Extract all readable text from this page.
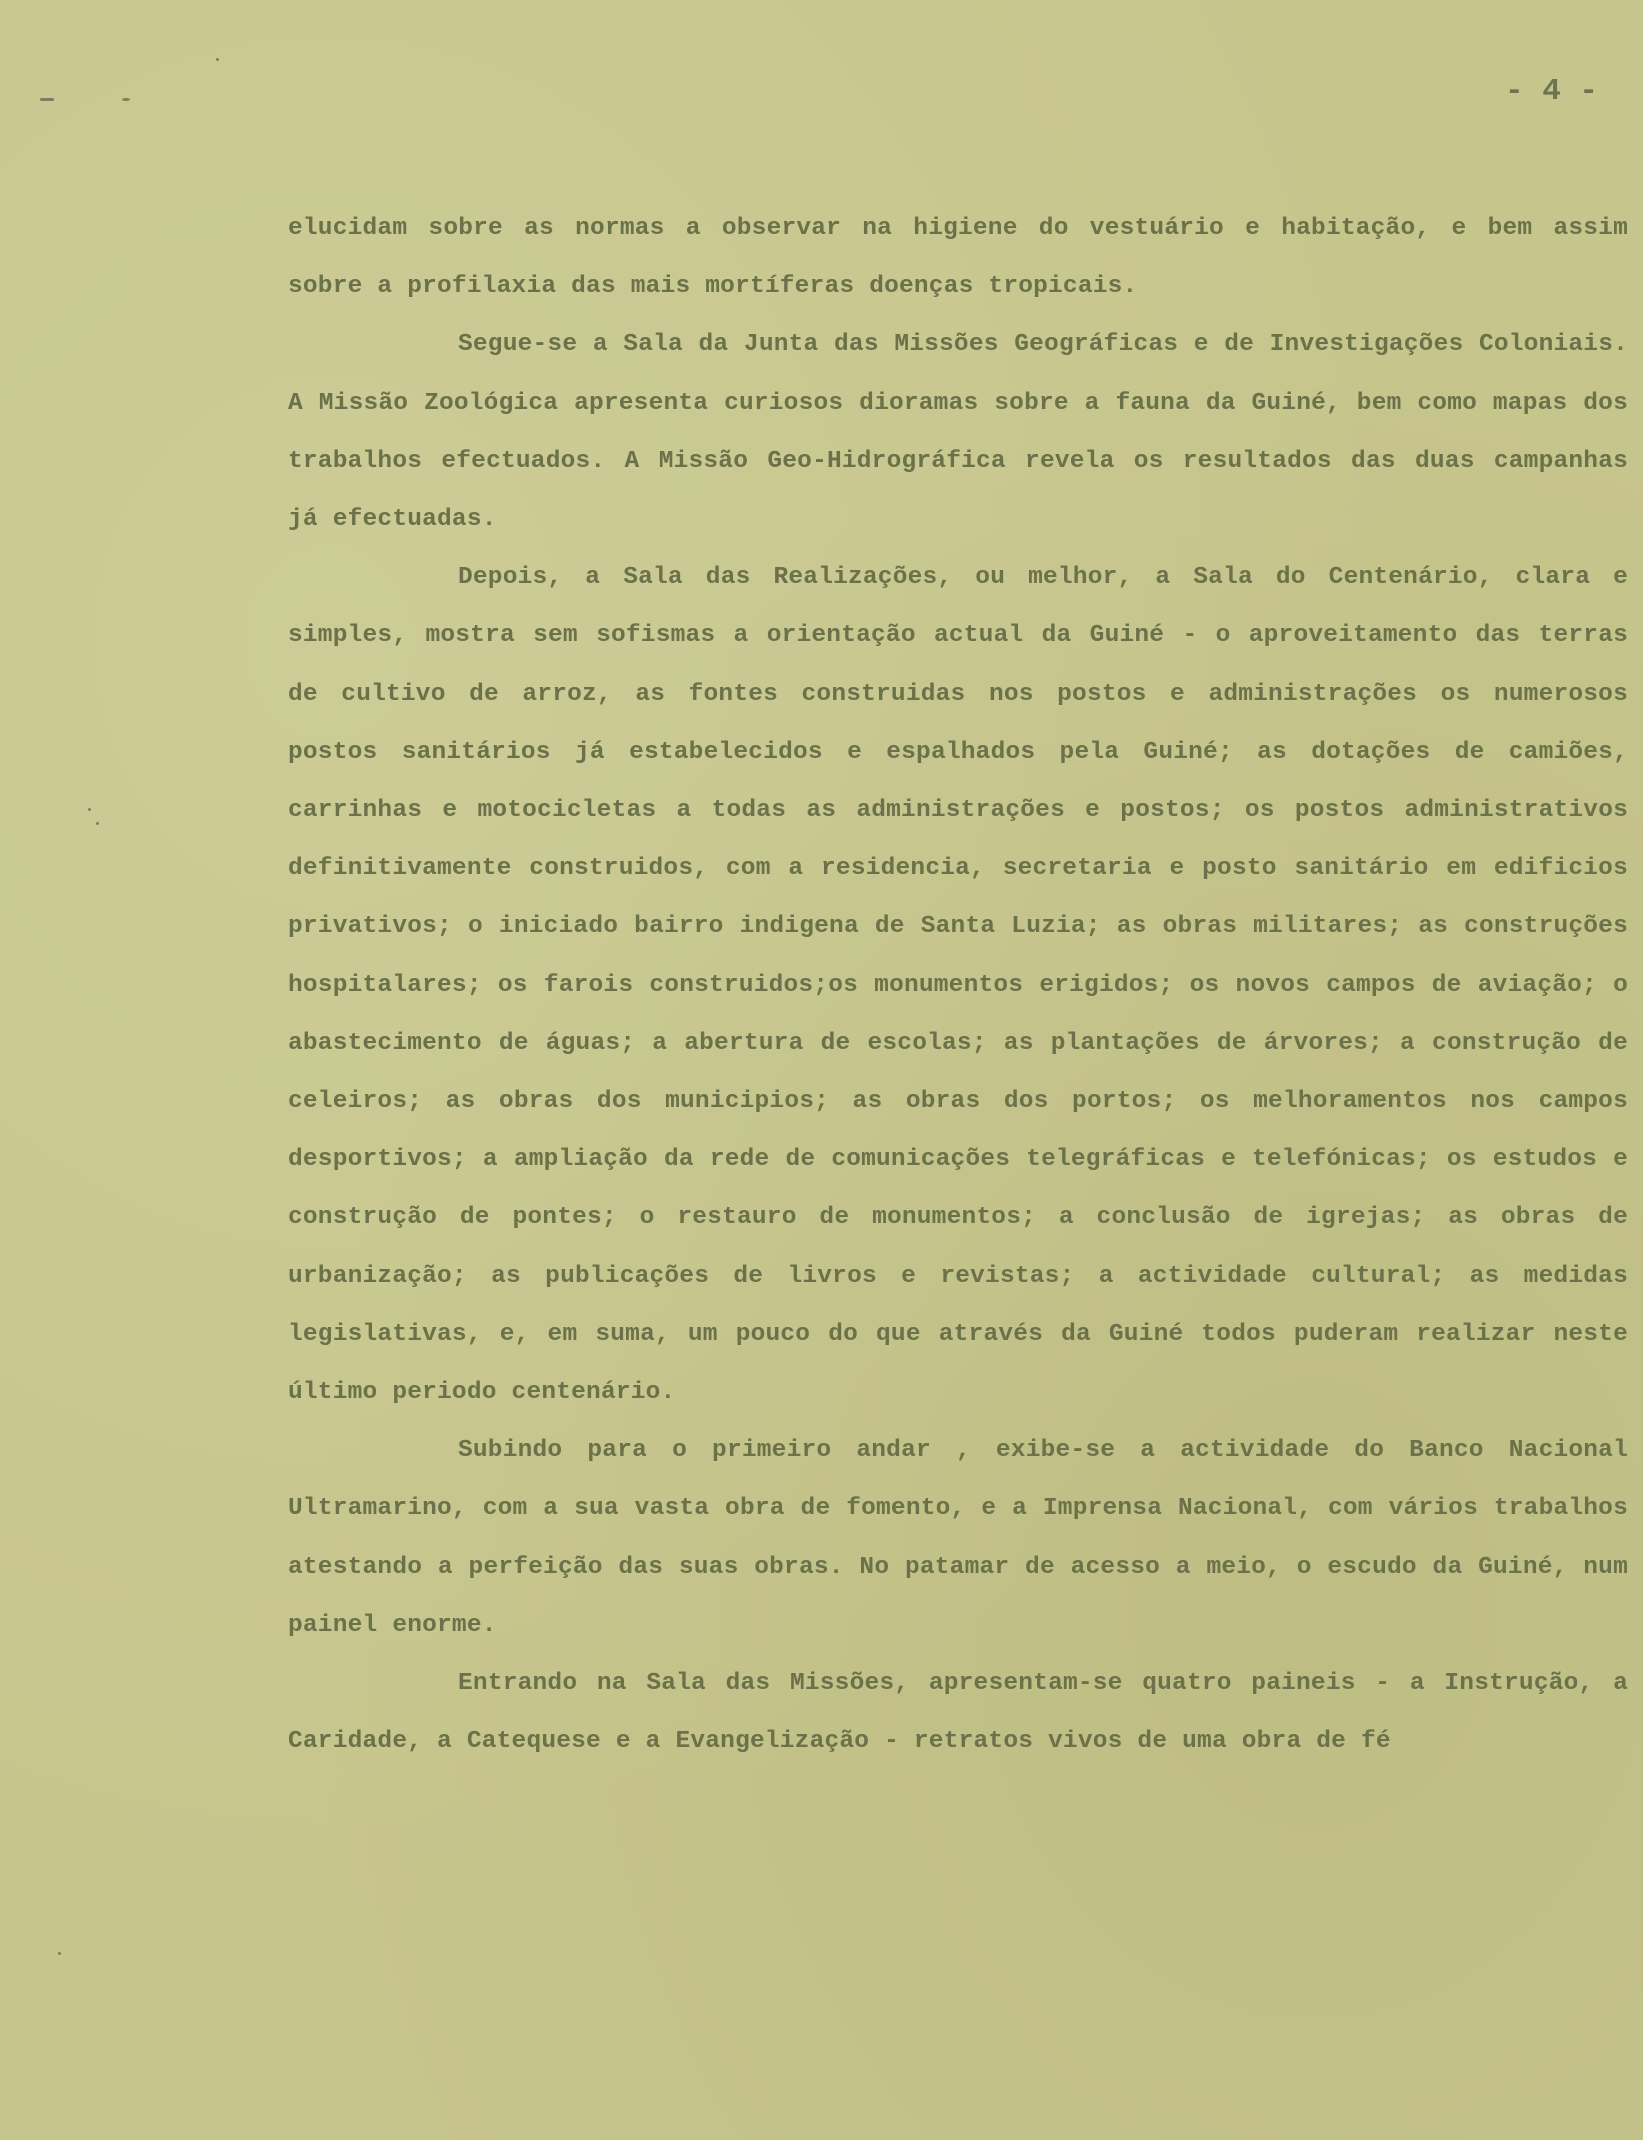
- 4 -

elucidam sobre as normas a observar na higiene do vestuário e habitação, e bem assim sobre a profilaxia das mais mortíferas doenças tropicais.

Segue-se a Sala da Junta das Missões Geográficas e de Investigações Coloniais. A Missão Zoológica apresenta curiosos dioramas sobre a fauna da Guiné, bem como mapas dos trabalhos efectuados. A Missão Geo-Hidrográfica revela os resultados das duas campanhas já efectuadas.

Depois, a Sala das Realizações, ou melhor, a Sala do Centenário, clara e simples, mostra sem sofismas a orientação actual da Guiné - o aproveitamento das terras de cultivo de arroz, as fontes construidas nos postos e administrações os numerosos postos sanitários já estabelecidos e espalhados pela Guiné; as dotações de camiões, carrinhas e motocicletas a todas as administrações e postos; os postos administrativos definitivamente construidos, com a residencia, secretaria e posto sanitário em edificios privativos; o iniciado bairro indigena de Santa Luzia; as obras militares; as construções hospitalares; os farois construidos;os monumentos erigidos; os novos campos de aviação; o abastecimento de águas; a abertura de escolas; as plantações de árvores; a construção de celeiros; as obras dos municipios; as obras dos portos; os melhoramentos nos campos desportivos; a ampliação da rede de comunicações telegráficas e telefónicas; os estudos e construção de pontes; o restauro de monumentos; a conclusão de igrejas; as obras de urbanização; as publicações de livros e revistas; a actividade cultural; as medidas legislativas, e, em suma, um pouco do que através da Guiné todos puderam realizar neste último periodo centenário.

Subindo para o primeiro andar , exibe-se a actividade do Banco Nacional Ultramarino, com a sua vasta obra de fomento, e a Imprensa Nacional, com vários trabalhos atestando a perfeição das suas obras. No patamar de acesso a meio, o escudo da Guiné, num painel enorme.

Entrando na Sala das Missões, apresentam-se quatro paineis - a Instrução, a Caridade, a Catequese e a Evangelização - retratos vivos de uma obra de fé
